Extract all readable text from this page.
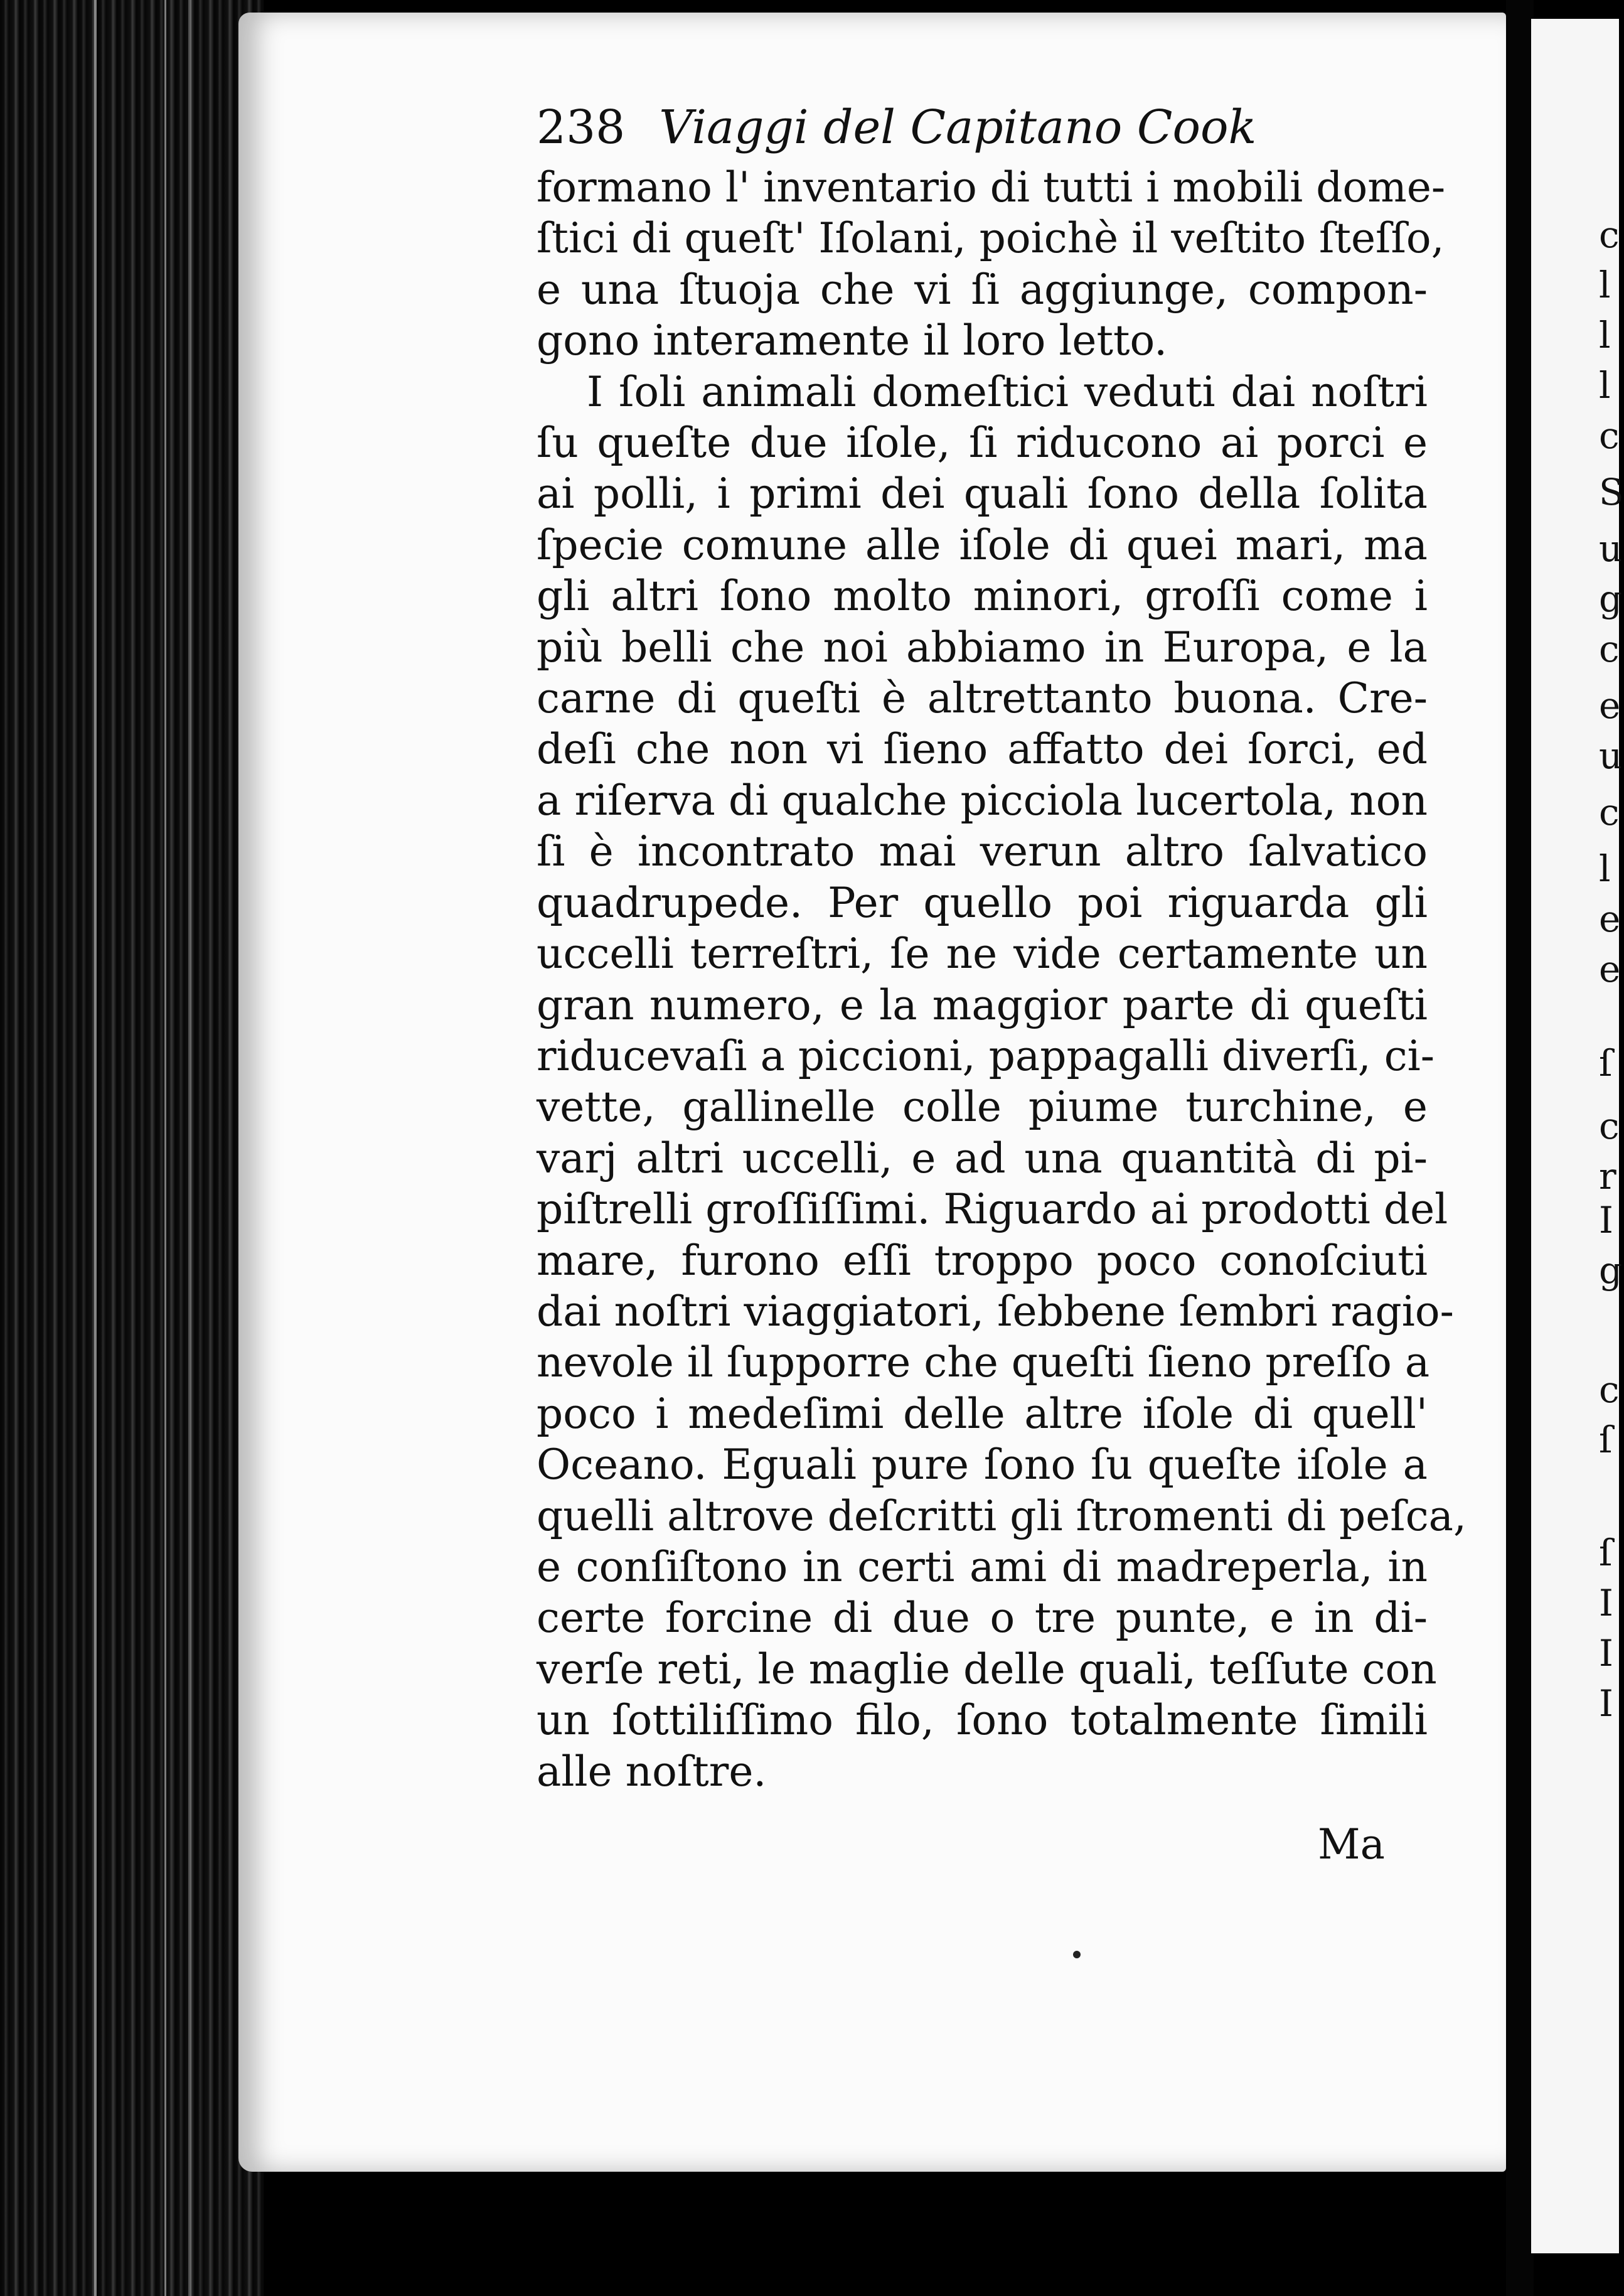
c
l
l
l
c
S
u
g
c
e
u
c
l
e
e
ſ
c
r
I
g
c
ſ
ſ
I
I
I
238 Viaggi del Capitano Cook
formano l' inventario di tutti i mobili dome-
ſtici di queſt' Iſolani, poichè il veſtito ſteſſo,
e una ſtuoja che vi ſi aggiunge, compon-
gono interamente il loro letto.
I ſoli animali domeſtici veduti dai noſtri
ſu queſte due iſole, ſi riducono ai porci e
ai polli, i primi dei quali ſono della ſolita
ſpecie comune alle iſole di quei mari, ma
gli altri ſono molto minori, groſſi come i
più belli che noi abbiamo in Europa, e la
carne di queſti è altrettanto buona. Cre-
deſi che non vi ſieno affatto dei ſorci, ed
a riſerva di qualche picciola lucertola, non
ſi è incontrato mai verun altro ſalvatico
quadrupede. Per quello poi riguarda gli
uccelli terreſtri, ſe ne vide certamente un
gran numero, e la maggior parte di queſti
riducevaſi a piccioni, pappagalli diverſi, ci-
vette, gallinelle colle piume turchine, e
varj altri uccelli, e ad una quantità di pi-
piſtrelli groſſiſſimi. Riguardo ai prodotti del
mare, furono eſſi troppo poco conoſciuti
dai noſtri viaggiatori, ſebbene ſembri ragio-
nevole il ſupporre che queſti ſieno preſſo a
poco i medeſimi delle altre iſole di quell'
Oceano. Eguali pure ſono ſu queſte iſole a
quelli altrove deſcritti gli ſtromenti di peſca,
e conſiſtono in certi ami di madreperla, in
certe forcine di due o tre punte, e in di-
verſe reti, le maglie delle quali, teſſute con
un ſottiliſſimo filo, ſono totalmente ſimili
alle noſtre.
Ma
